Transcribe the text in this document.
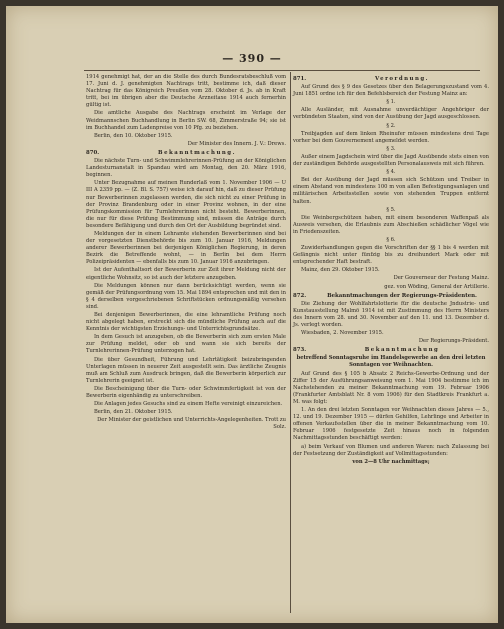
— 390 —

1914 genehmigt hat, der an die Stelle des durch Bundesratsbeschluß vom 17. Juni d. J. genehmigten Nachtrags tritt, bestimme ich, daß dieser Nachtrag für das Königreich Preußen vom 28. Oktober d. Js. ab in Kraft tritt, bei im übrigen aber die Deutsche Arzneitaxe 1914 auch fernerhin gültig ist.

Die amtliche Ausgabe des Nachtrags erscheint im Verlage der Weidmannschen Buchhandlung in Berlin SW. 68, Zimmerstraße 94; sie ist im Buchhandel zum Ladenpreise von 10 Pfg. zu beziehen.

Berlin, den 10. Oktober 1915.

Der Minister des Innern. J. V.: Drews.

870.	Bekanntmachung.

Die nächste Turn- und Schwimmlehrerinnen-Prüfung an der Königlichen Landesturnanstalt in Spandau wird am Montag, den 20. März 1916, beginnen.

Unter Bezugnahme auf meinen Runderlaß vom 1. November 1906 — U III A 2359 pp. — (Z. Bl. S. 757) weise ich darauf hin, daß zu dieser Prüfung nur Bewerberinnen zugelassen werden, die sich nicht zu einer Prüfung in der Provinz Brandenburg oder in einer Provinz wohnen, in der eine Prüfungskommission für Turnlehrerinnen nicht besteht. Bewerberinnen, die nur für diese Prüfung Bestimmung sind, müssen die Anträge durch besondere Befähigung und durch den Ort der Ausbildung begründet sind.

Meldungen der in einem Lehramte stehenden Bewerberinnen sind bei der vorgesetzten Dienstbehörde bis zum 10. Januar 1916, Meldungen anderer Bewerberinnen bei derjenigen Königlichen Regierung, in deren Bezirk die Betreffende wohnt, — in Berlin bei dem Herrn Polizeipräsidenten — ebenfalls bis zum 10. Januar 1916 anzubringen.

Ist der Aufenthaltsort der Bewerberin zur Zeit ihrer Meldung nicht der eigentliche Wohnsitz, so ist auch der letztere anzugeben.

Die Meldungen können nur dann berücksichtigt werden, wenn sie gemäß der Prüfungsordnung vom 15. Mai 1894 entsprechen und mit den in § 4 derselben vorgeschriebenen Schriftstücken ordnungsmäßig versehen sind.

Bei denjenigen Bewerberinnen, die eine lehramtliche Prüfung noch nicht abgelegt haben, erstreckt sich die mündliche Prüfung auch auf die Kenntnis der wichtigsten Erziehungs- und Unterrichtsgrundsätze.

In dem Gesuch ist anzugeben, ob die Bewerberin sich zum ersten Male zur Prüfung meldet, oder ob und wann sie sich bereits der Turnlehrerinnen-Prüfung unterzogen hat.

Die über Gesundheit, Führung und Lehrtätigkeit beizubringenden Unterlagen müssen in neuerer Zeit ausgestellt sein. Das ärztliche Zeugnis muß am Schluß zum Ausdruck bringen, daß die Bewerberin körperlich zur Turnlehrerin geeignet ist.

Die Bescheinigung über die Turn- oder Schwimmfertigkeit ist von der Bewerberin eigenhändig zu unterschreiben.

Die Anlagen jedes Gesuchs sind zu einem Hefte vereinigt einzureichen.

Berlin, den 21. Oktober 1915.

Der Minister der geistlichen und Unterrichts-Angelegenheiten. Trott zu Solz.

871.	Verordnung.

Auf Grund des § 9 des Gesetzes über den Belagerungszustand vom 4. Juni 1851 ordne ich für den Befehlsbereich der Festung Mainz an:

§ 1.

Alle Ausländer, mit Ausnahme unverdächtiger Angehöriger der verbündeten Staaten, sind von der Ausübung der Jagd ausgeschlossen.

§ 2.

Treibjagden auf dem linken Rheinufer müssen mindestens drei Tage vorher bei dem Gouvernement angemeldet werden.

§ 3.

Außer einem Jagdschein wird über die Jagd Ausübende stets einen von der zuständigen Behörde ausgestellten Personalausweis mit sich führen.

§ 4.

Bei der Ausübung der Jagd müssen sich Schützen und Treiber in einem Abstand von mindestens 100 m von allen Befestigungsanlagen und militärischen Arbeitsstellen sowie von stehenden Truppen entfernt halten.

§ 5.

Die Weinbergschützen haben, mit einem besonderen Waffenpaß als Ausweis versehen, die Erlaubnis zum Abschießen schädlicher Vögel wie in Friedenszeiten.

§ 6.

Zuwiderhandlungen gegen die Vorschriften der §§ 1 bis 4 werden mit Gefängnis nicht unter fünfzig bis zu dreihundert Mark oder mit entsprechender Haft bestraft.

Mainz, den 29. Oktober 1915.

Der Gouverneur der Festung Mainz.

gez. von Wöding, General der Artillerie.

872.	Bekanntmachungen der Regierungs-Präsidenten.

Die Ziehung der Wohlfahrtslotterie für die deutsche Jndustrie- und Kunstausstellung Malmö 1914 ist mit Zustimmung des Herrn Ministers des Innern vom 28. und 30. November auf den 11. und 13. Dezember d. Js. verlegt worden.

Wiesbaden, 2. November 1915.

Der Regierungs-Präsident.

873.	Bekanntmachung

betreffend Sonntagsruhe im Handelsgewerbe an den drei letzten Sonntagen vor Weihnachten.

Auf Grund des § 105 b Absatz 2 Reichs-Gewerbe-Ordnung und der Ziffer 15 der Ausführungsanweisung vom 1. Mai 1904 bestimme ich im Nachstehenden zu meiner Bekanntmachung vom 19. Februar 1906 (Frankfurter Amtsblatt Nr. 8 vom 1906) für den Stadtkreis Frankfurt a. M. was folgt:

1. An den drei letzten Sonntagen vor Weihnachten dieses Jahres — 5., 12. und 19. Dezember 1915 — dürfen Gehilfen, Lehrlinge und Arbeiter in offenen Verkaufsstellen über die in meiner Bekanntmachung vom 10. Februar 1906 festgesetzte Zeit hinaus noch in folgenden Nachmittagsstunden beschäftigt werden:

a) beim Verkauf von Blumen und anderen Waren: nach Zulassung bei der Festsetzung der Zuständigkeit auf Vollmittagsstunden:

von 2—8 Uhr nachmittags;
